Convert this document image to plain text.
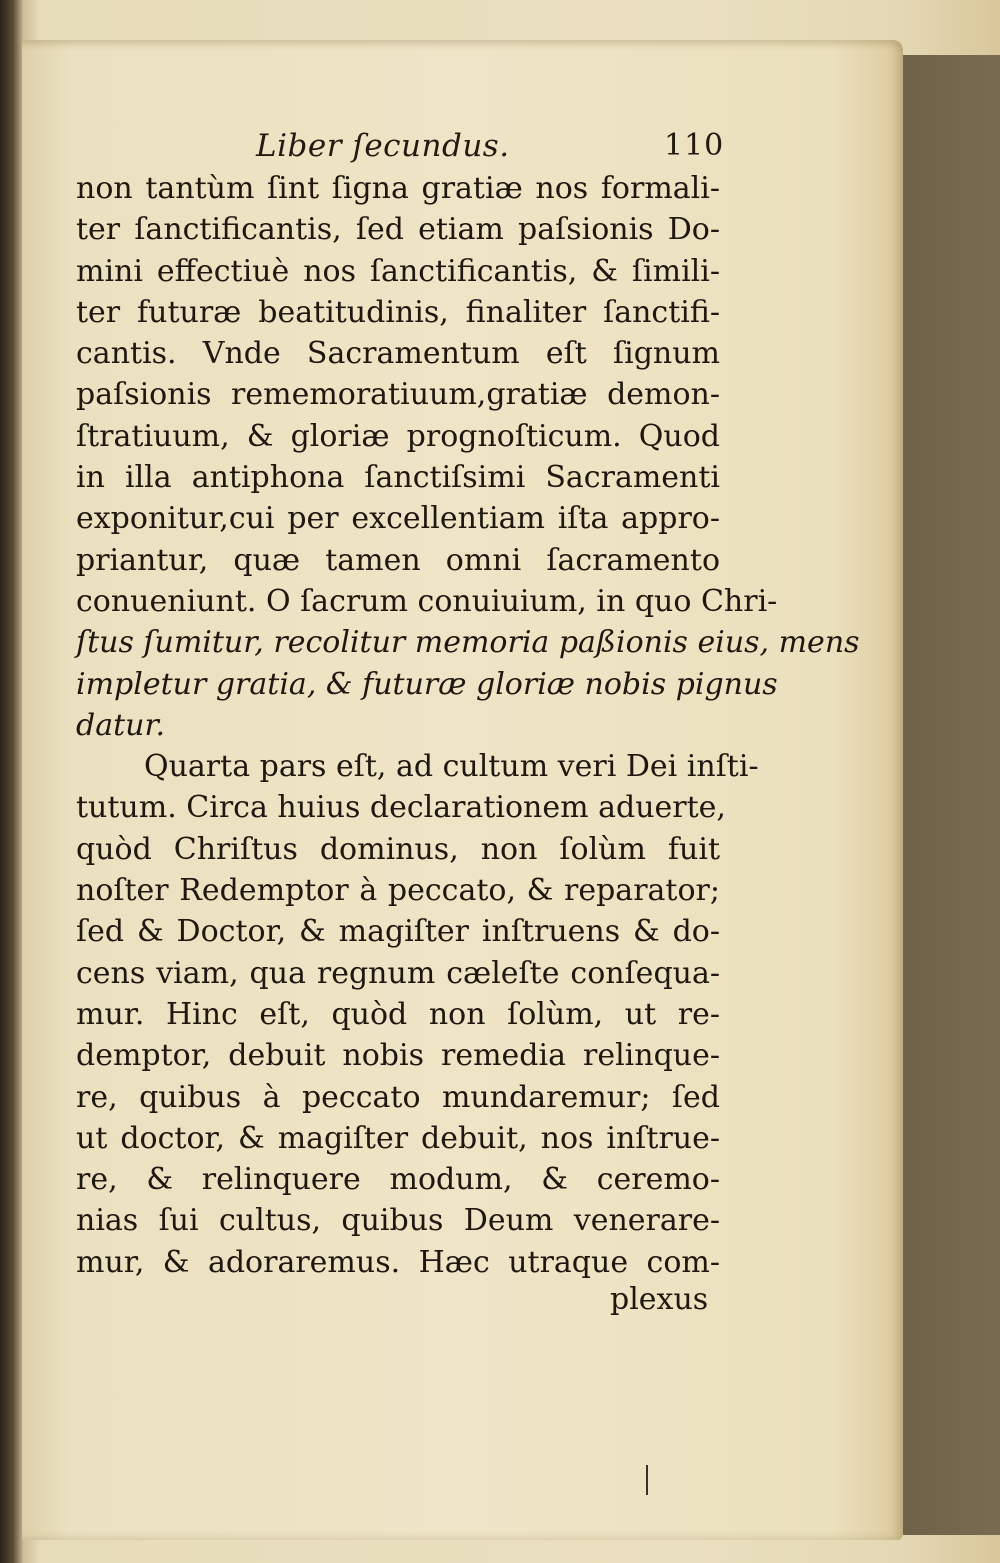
Liber ſecundus.	110
non tantùm ſint ſigna gratiæ nos formali-
ter ſanctificantis, ſed etiam paſsionis Do-
mini effectiuè nos ſanctificantis, & ſimili-
ter futuræ beatitudinis, finaliter ſanctifi-
cantis. Vnde Sacramentum eſt ſignum
paſsionis rememoratiuum,gratiæ demon-
ſtratiuum, & gloriæ prognoſticum. Quod
in illa antiphona ſanctiſsimi Sacramenti
exponitur,cui per excellentiam iſta appro-
priantur, quæ tamen omni ſacramento
conueniunt. O ſacrum conuiuium, in quo Chri-
ſtus ſumitur, recolitur memoria paßionis eius, mens
impletur gratia, & futuræ gloriæ nobis pignus
datur.
Quarta pars eſt, ad cultum veri Dei inſti-
tutum. Circa huius declarationem aduerte,
quòd Chriſtus dominus, non ſolùm fuit
noſter Redemptor à peccato, & reparator;
ſed & Doctor, & magiſter inſtruens & do-
cens viam, qua regnum cæleſte conſequa-
mur. Hinc eſt, quòd non ſolùm, ut re-
demptor, debuit nobis remedia relinque-
re, quibus à peccato mundaremur; ſed
ut doctor, & magiſter debuit, nos inſtrue-
re, & relinquere modum, & ceremo-
nias ſui cultus, quibus Deum venerare-
mur, & adoraremus. Hæc utraque com-
plexus
